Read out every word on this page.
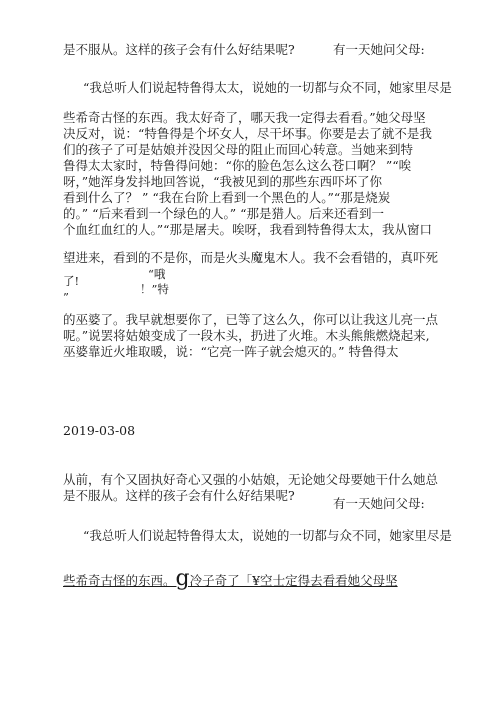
是不服从。这样的孩子会有什么好结果呢?	有一天她问父母:
“我总听人们说起特鲁得太太，说她的一切都与众不同，她家里尽是
些希奇古怪的东西。我太好奇了，哪天我一定得去看看。”她父母坚
决反对，说：“特鲁得是个坏女人，尽干坏事。你要是去了就不是我
们的孩子了可是姑娘并没因父母的阻止而回心转意。当她来到特
鲁得太太家时，特鲁得问她：“你的脸色怎么这么苍口啊？ ”“唉
呀，”她浑身发抖地回答说，“我被见到的那些东西吓坏了你
看到什么了？ ” “我在台阶上看到一个黑色的人。”“那是烧炭
的。” “后来看到一个绿色的人。” “那是猎人。后来还看到一
个血红血红的人。”“那是屠夫。唉呀，我看到特鲁得太太，我从窗口
望进来，看到的不是你，而是火头魔鬼木人。我不会看错的，真吓死
“哦
了!
！”特
”
的巫婆了。我早就想要你了，已等了这么久，你可以让我这儿亮一点
呢。”说罢将姑娘变成了一段木头，扔进了火堆。木头熊熊燃烧起来,
巫婆靠近火堆取暖，说：“它亮一阵子就会熄灭的。” 特鲁得太
2019-03-08
从前，有个又固执好奇心又强的小姑娘，无论她父母要她干什么她总
是不服从。这样的孩子会有什么好结果呢?
有一天她问父母:
“我总听人们说起特鲁得太太，说她的一切都与众不同，她家里尽是
些希奇古怪的东西。g冷子奇了「¥空士定得去看看她父母坚
